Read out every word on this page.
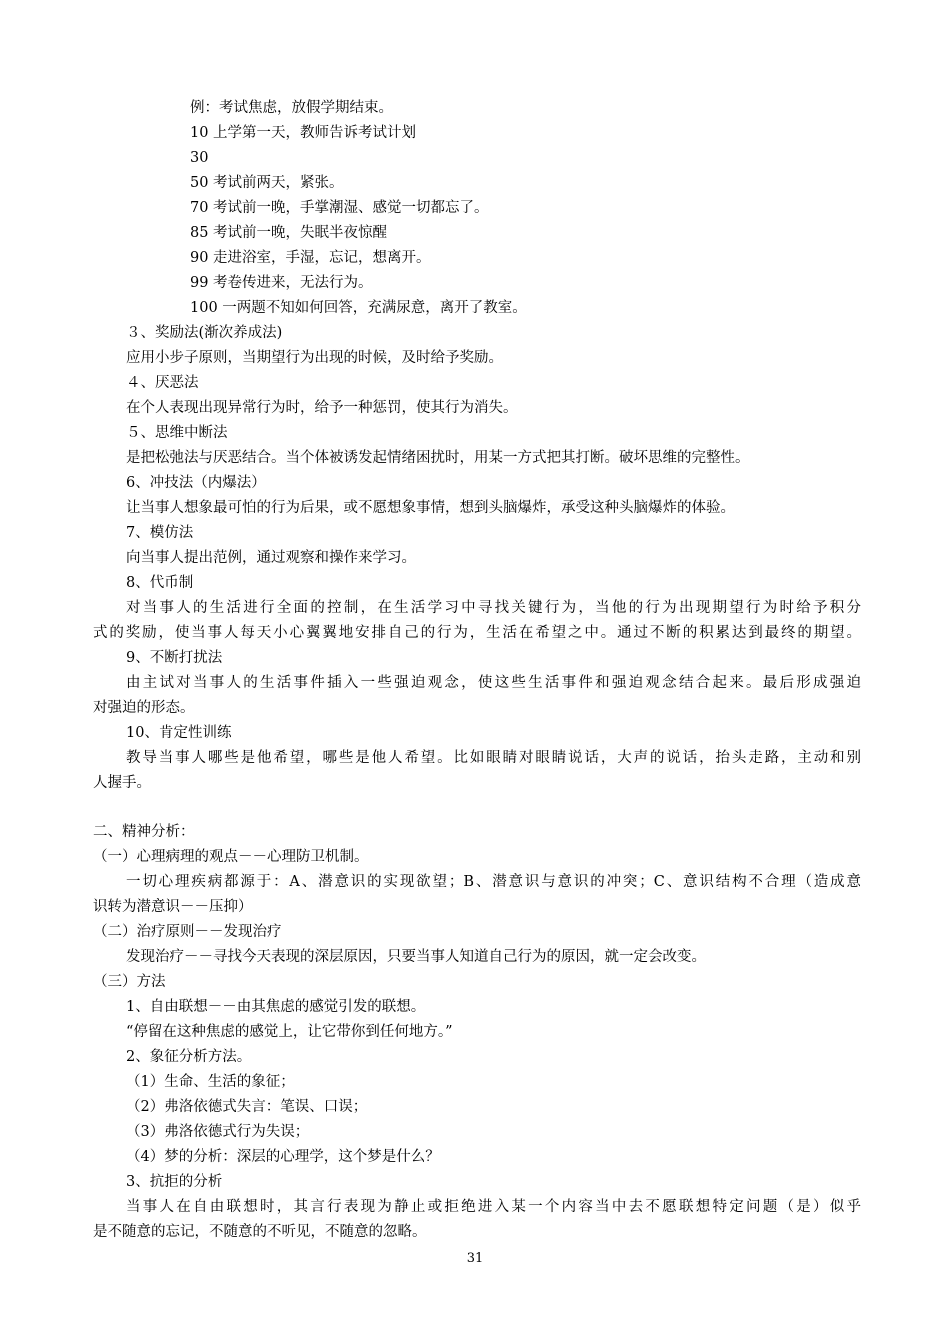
例：考试焦虑，放假学期结束。
10 上学第一天，教师告诉考试计划
30
50 考试前两天，紧张。
70 考试前一晚，手掌潮湿、感觉一切都忘了。
85 考试前一晚，失眠半夜惊醒
90 走进浴室，手湿，忘记，想离开。
99 考卷传进来，无法行为。
100 一两题不知如何回答，充满尿意，离开了教室。
３、奖励法(渐次养成法)
应用小步子原则，当期望行为出现的时候，及时给予奖励。
４、厌恶法
在个人表现出现异常行为时，给予一种惩罚，使其行为消失。
５、思维中断法
是把松弛法与厌恶结合。当个体被诱发起情绪困扰时，用某一方式把其打断。破坏思维的完整性。
6、冲技法（内爆法）
让当事人想象最可怕的行为后果，或不愿想象事情，想到头脑爆炸，承受这种头脑爆炸的体验。
7、模仿法
向当事人提出范例，通过观察和操作来学习。
8、代币制
对当事人的生活进行全面的控制，在生活学习中寻找关键行为，当他的行为出现期望行为时给予积分
式的奖励，使当事人每天小心翼翼地安排自己的行为，生活在希望之中。通过不断的积累达到最终的期望。
9、不断打扰法
由主试对当事人的生活事件插入一些强迫观念，使这些生活事件和强迫观念结合起来。最后形成强迫
对强迫的形态。
10、肯定性训练
教导当事人哪些是他希望，哪些是他人希望。比如眼睛对眼睛说话，大声的说话，抬头走路，主动和别
人握手。
二、精神分析：
（一）心理病理的观点－－心理防卫机制。
一切心理疾病都源于：A、潜意识的实现欲望；B、潜意识与意识的冲突；C、意识结构不合理（造成意
识转为潜意识－－压抑）
（二）治疗原则－－发现治疗
发现治疗－－寻找今天表现的深层原因，只要当事人知道自己行为的原因，就一定会改变。
（三）方法
1、自由联想－－由其焦虑的感觉引发的联想。
“停留在这种焦虑的感觉上，让它带你到任何地方。”
2、象征分析方法。
（1）生命、生活的象征；
（2）弗洛依德式失言：笔误、口误；
（3）弗洛依德式行为失误；
（4）梦的分析：深层的心理学，这个梦是什么？
3、抗拒的分析
当事人在自由联想时，其言行表现为静止或拒绝进入某一个内容当中去不愿联想特定问题（是）似乎
是不随意的忘记，不随意的不听见，不随意的忽略。
31
